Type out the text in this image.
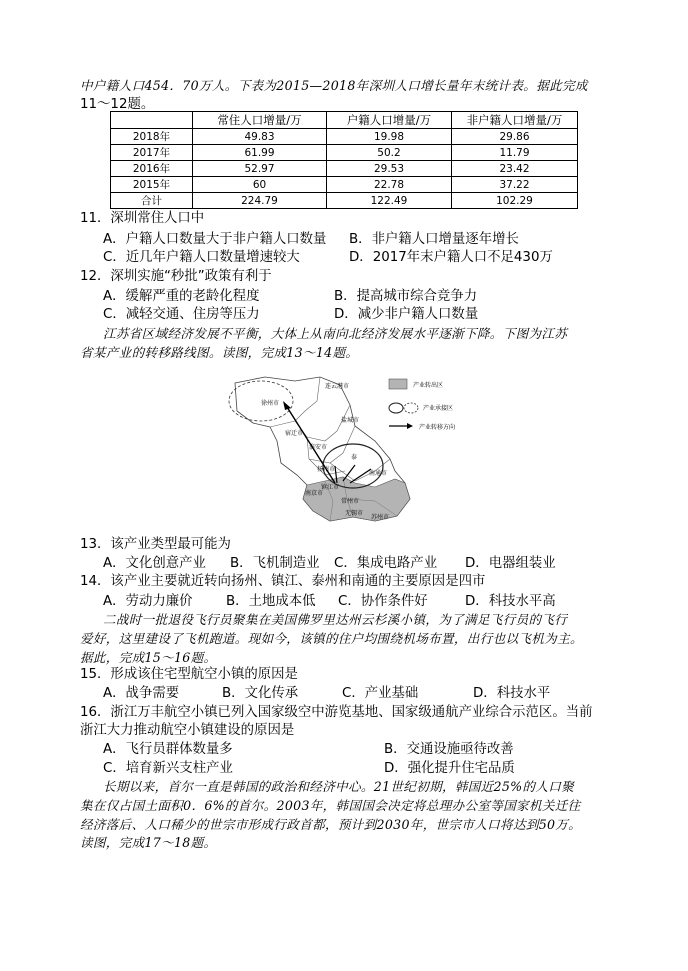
中户籍人口454．70万人。下表为2015—2018年深圳人口增长量年末统计表。据此完成
11～12题。
	常住人口增量/万	户籍人口增量/万	非户籍人口增量/万
2018年	49.83	19.98	29.86
2017年	61.99	50.2	11.79
2016年	52.97	29.53	23.42
2015年	60	22.78	37.22
合计	224.79	122.49	102.29
11．深圳常住人口中
A．户籍人口数量大于非户籍人口数量 B．非户籍人口增量逐年增长
C．近几年户籍人口数量增速较大	D．2017年末户籍人口不足430万
12．深圳实施“秒批”政策有利于
A．缓解严重的老龄化程度	B．提高城市综合竞争力
C．减轻交通、住房等压力	D．减少非户籍人口数量
江苏省区域经济发展不平衡，大体上从南向北经济发展水平逐渐下降。下图为江苏
省某产业的转移路线图。读图，完成13～14题。
连云港市
徐州市
宿迁市
盐城市
淮安市
泰
扬州市
南通市
镇江市
南京市
常州市
无锡市
苏州市
产业转出区
产业承接区
产业转移方向
13．该产业类型最可能为
A．文化创意产业 B．飞机制造业 C．集成电路产业 D．电器组装业
14．该产业主要就近转向扬州、镇江、泰州和南通的主要原因是四市
A．劳动力廉价 B．土地成本低 C．协作条件好	D．科技水平高
二战时一批退役飞行员聚集在美国佛罗里达州云杉溪小镇，为了满足飞行员的飞行
爱好，这里建设了飞机跑道。现如今，该镇的住户均围绕机场布置，出行也以飞机为主。
据此，完成15～16题。
15．形成该住宅型航空小镇的原因是
A．战争需要	B．文化传承	C．产业基础	D．科技水平
16．浙江万丰航空小镇已列入国家级空中游览基地、国家级通航产业综合示范区。当前
浙江大力推动航空小镇建设的原因是
A．飞行员群体数量多	B．交通设施亟待改善
C．培育新兴支柱产业	D．强化提升住宅品质
长期以来，首尔一直是韩国的政治和经济中心。21世纪初期，韩国近25%的人口聚
集在仅占国土面积0．6%的首尔。2003年，韩国国会决定将总理办公室等国家机关迁往
经济落后、人口稀少的世宗市形成行政首都，预计到2030年，世宗市人口将达到50万。
读图，完成17～18题。
